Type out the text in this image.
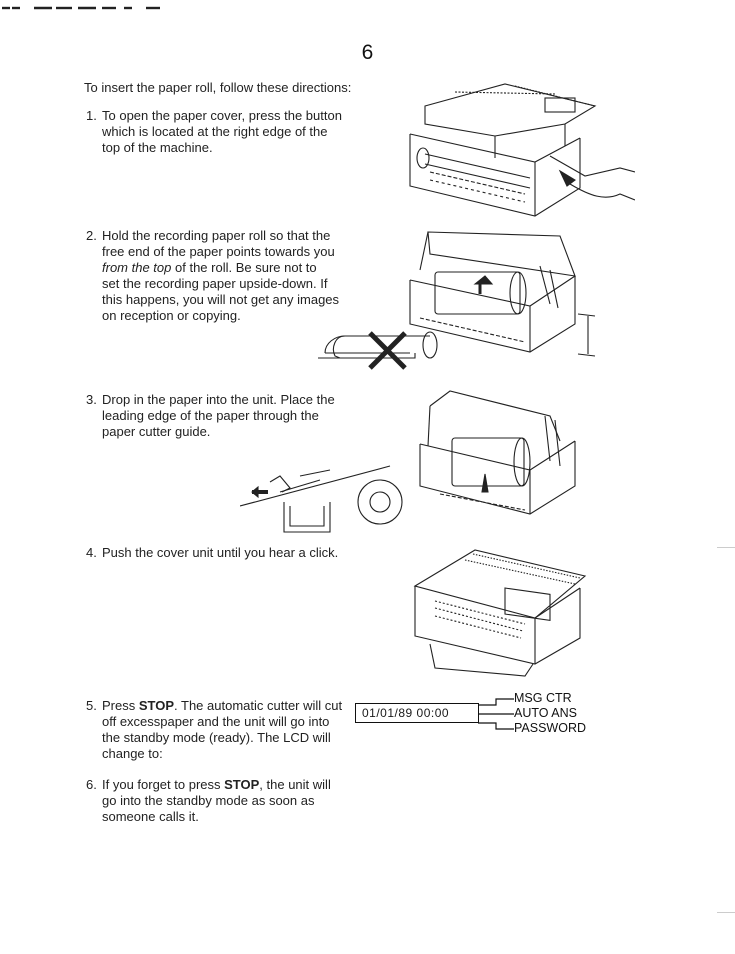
6
To insert the paper roll, follow these directions:
1. To open the paper cover, press the button
which is located at the right edge of the
top of the machine.
2. Hold the recording paper roll so that the
free end of the paper points towards you
from the top of the roll. Be sure not to
set the recording paper upside-down. If
this happens, you will not get any images
on reception or copying.
3. Drop in the paper into the unit. Place the
leading edge of the paper through the
paper cutter guide.
4. Push the cover unit until you hear a click.
5. Press STOP. The automatic cutter will cut
off excesspaper and the unit will go into
the standby mode (ready). The LCD will
change to:
6. If you forget to press STOP, the unit will
go into the standby mode as soon as
someone calls it.
01/01/89 00:00
MSG CTR
AUTO ANS
PASSWORD
